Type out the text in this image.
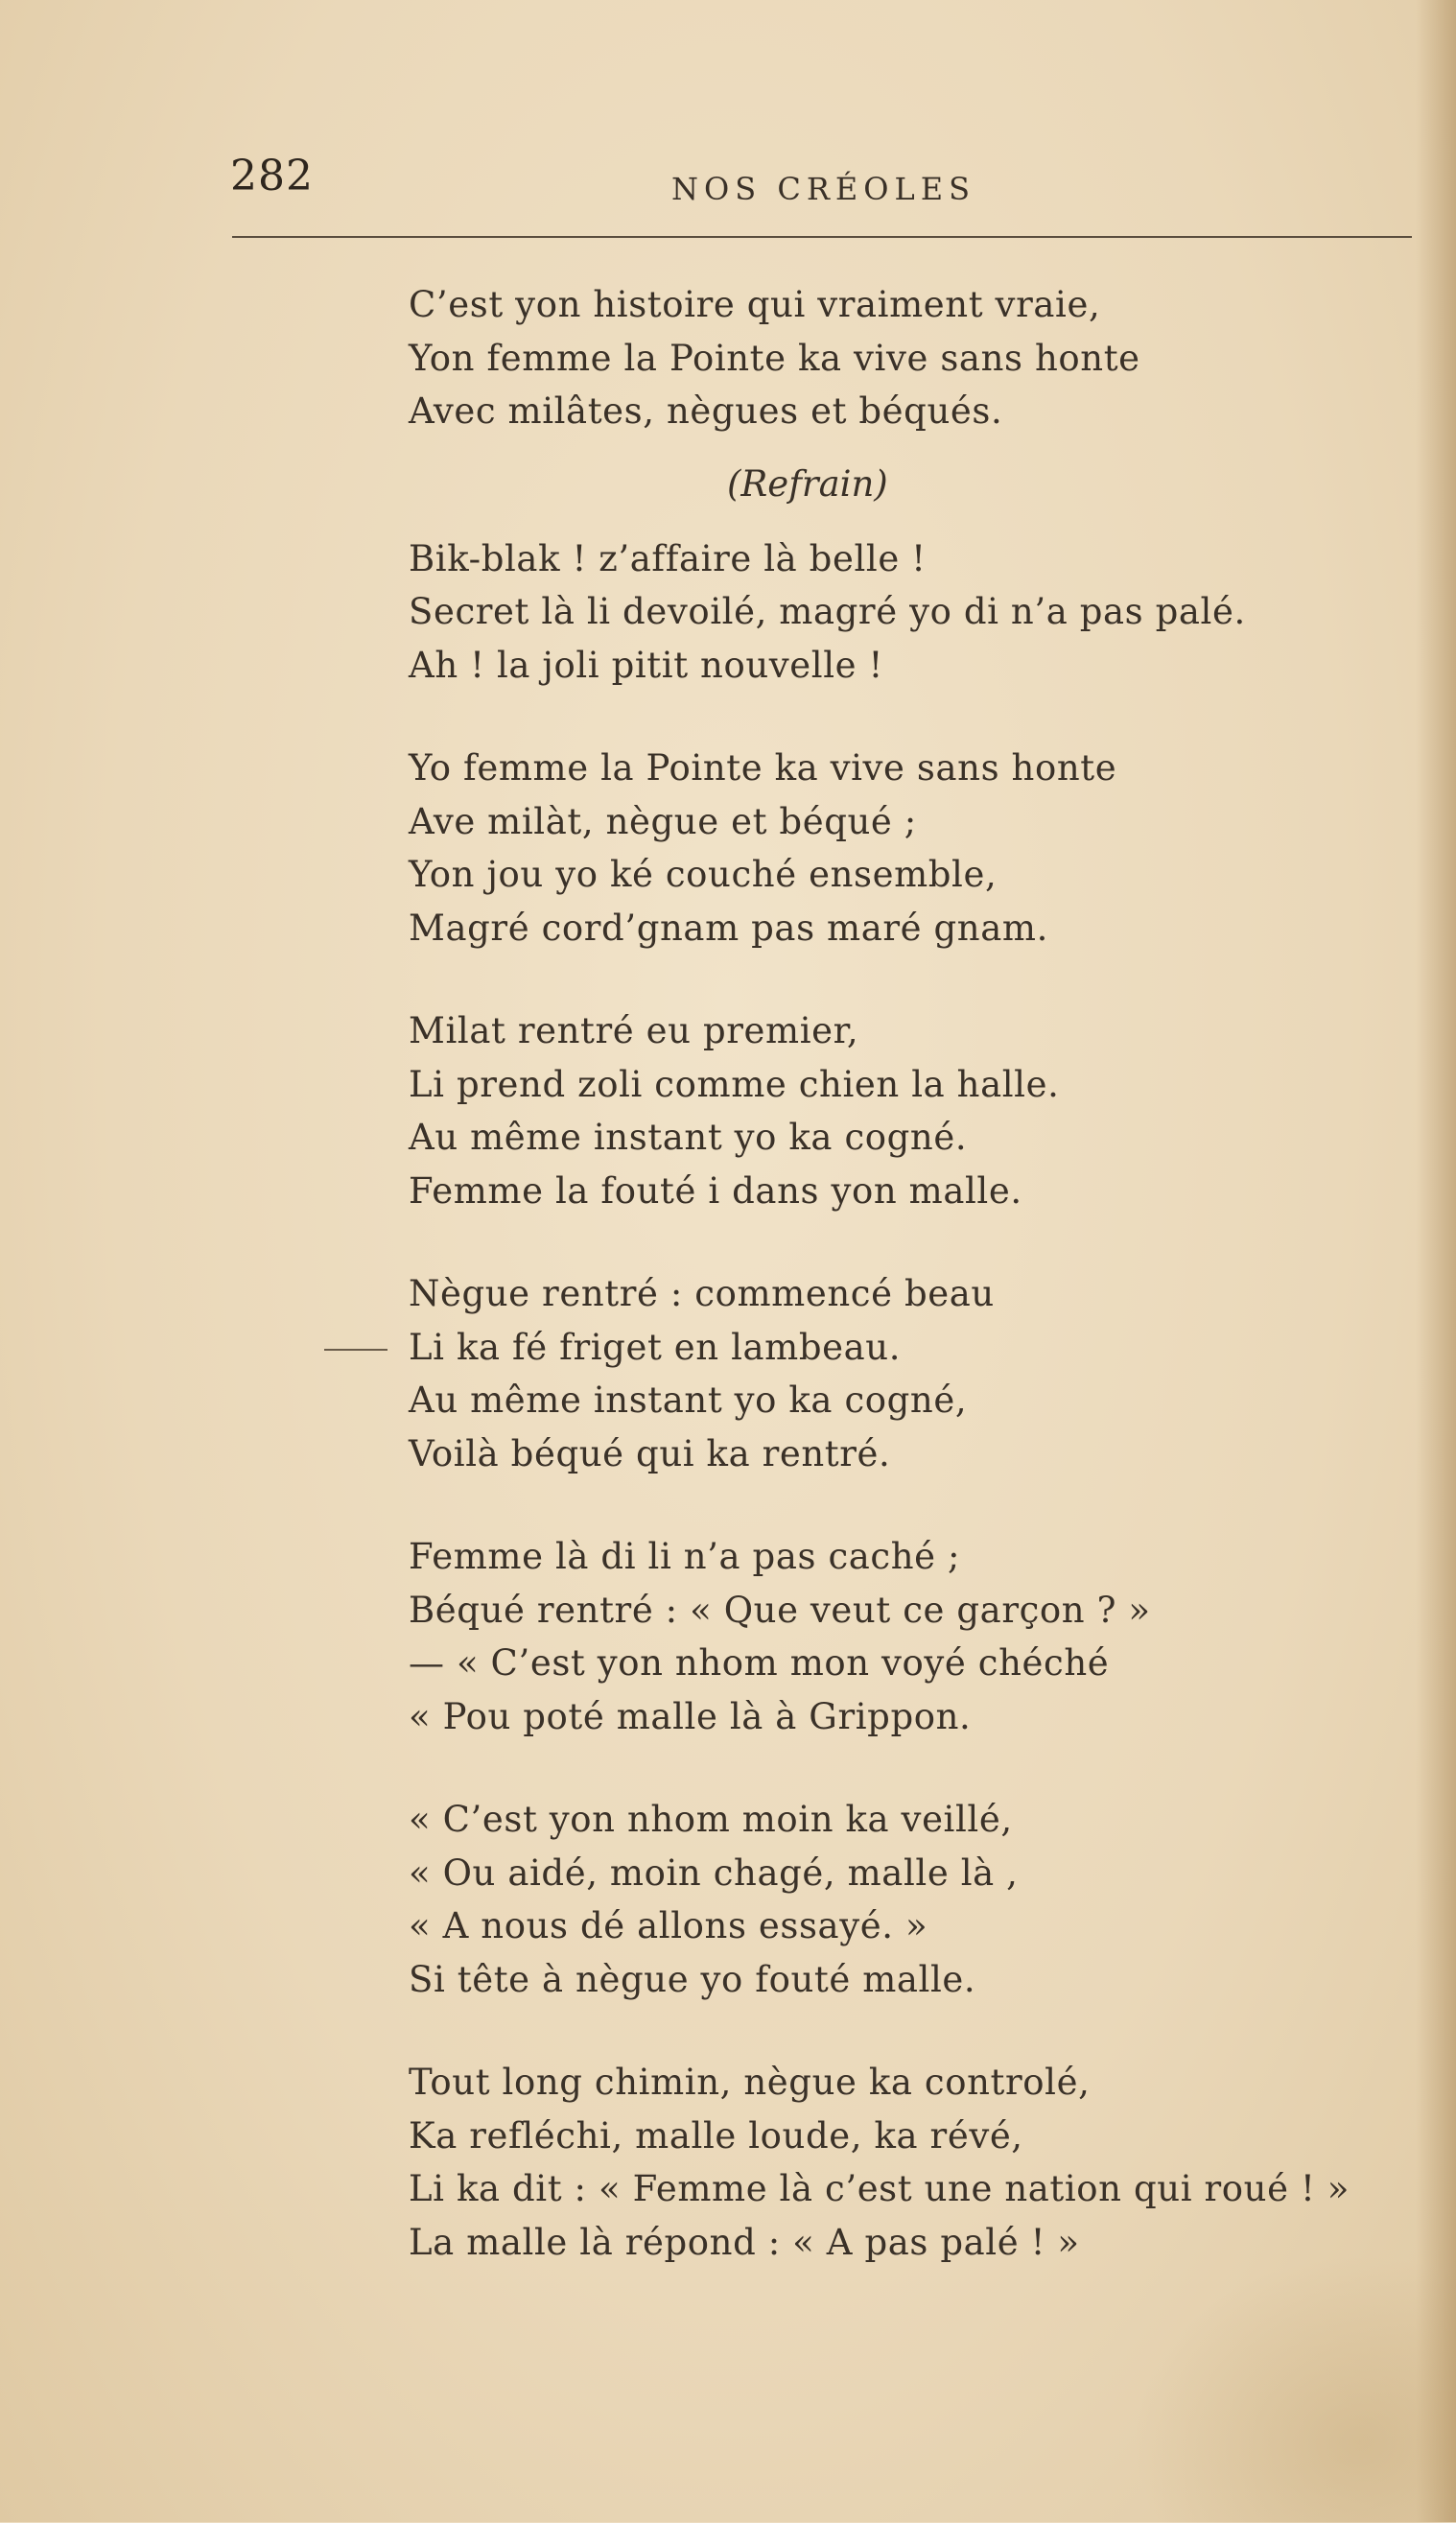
282	NOS CRÉOLES
C’est yon histoire qui vraiment vraie,
Yon femme la Pointe ka vive sans honte
Avec milâtes, nègues et béqués.
(Refrain)
Bik-blak ! z’affaire là belle !
Secret là li devoilé, magré yo di n’a pas palé.
Ah ! la joli pitit nouvelle !
Yo femme la Pointe ka vive sans honte
Ave milàt, nègue et béqué ;
Yon jou yo ké couché ensemble,
Magré cord’gnam pas maré gnam.
Milat rentré eu premier,
Li prend zoli comme chien la halle.
Au même instant yo ka cogné.
Femme la fouté i dans yon malle.
Nègue rentré : commencé beau
Li ka fé friget en lambeau.
Au même instant yo ka cogné,
Voilà béqué qui ka rentré.
Femme là di li n’a pas caché ;
Béqué rentré : « Que veut ce garçon ? »
— « C’est yon nhom mon voyé chéché
« Pou poté malle là à Grippon.
« C’est yon nhom moin ka veillé,
« Ou aidé, moin chagé, malle là ,
« A nous dé allons essayé. »
Si tête à nègue yo fouté malle.
Tout long chimin, nègue ka controlé,
Ka refléchi, malle loude, ka révé,
Li ka dit : « Femme là c’est une nation qui roué ! »
La malle là répond : « A pas palé ! »
